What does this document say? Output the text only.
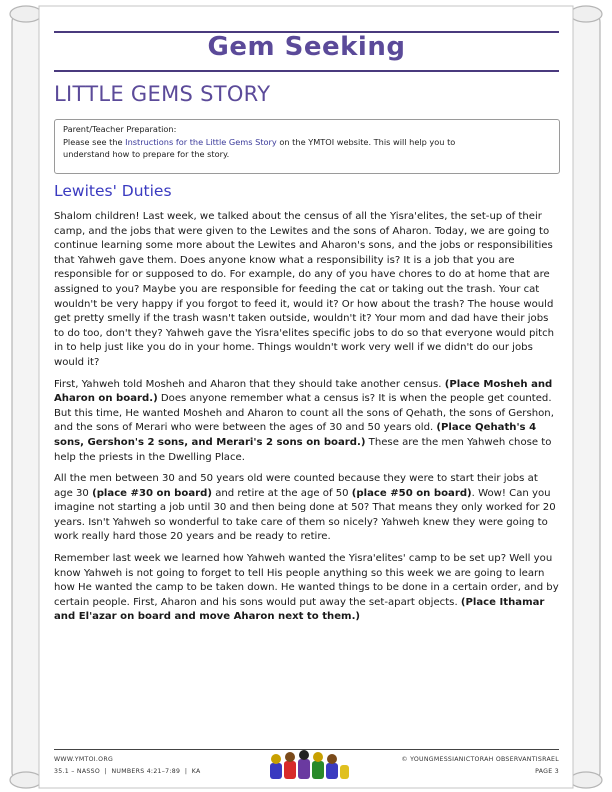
Gem Seeking
LITTLE GEMS STORY
Parent/Teacher Preparation:
Please see the Instructions for the Little Gems Story on the YMTOI website. This will help you to
understand how to prepare for the story.
Lewites' Duties

Shalom children! Last week, we talked about the census of all the Yisra'elites, the set-up of their camp, and the jobs that were given to the Lewites and the sons of Aharon. Today, we are going to continue learning some more about the Lewites and Aharon's sons, and the jobs or responsibilities that Yahweh gave them. Does anyone know what a responsibility is? It is a job that you are responsible for or supposed to do. For example, do any of you have chores to do at home that are assigned to you? Maybe you are responsible for feeding the cat or taking out the trash. Your cat wouldn't be very happy if you forgot to feed it, would it? Or how about the trash? The house would get pretty smelly if the trash wasn't taken outside, wouldn't it? Your mom and dad have their jobs to do too, don't they? Yahweh gave the Yisra'elites specific jobs to do so that everyone would pitch in to help just like you do in your home. Things wouldn't work very well if we didn't do our jobs would it?

First, Yahweh told Mosheh and Aharon that they should take another census. (Place Mosheh and Aharon on board.) Does anyone remember what a census is? It is when the people get counted. But this time, He wanted Mosheh and Aharon to count all the sons of Qehath, the sons of Gershon, and the sons of Merari who were between the ages of 30 and 50 years old. (Place Qehath's 4 sons, Gershon's 2 sons, and Merari's 2 sons on board.) These are the men Yahweh chose to help the priests in the Dwelling Place.

All the men between 30 and 50 years old were counted because they were to start their jobs at age 30 (place #30 on board) and retire at the age of 50 (place #50 on board). Wow! Can you imagine not starting a job until 30 and then being done at 50? That means they only worked for 20 years. Isn't Yahweh so wonderful to take care of them so nicely? Yahweh knew they were going to work really hard those 20 years and be ready to retire.

Remember last week we learned how Yahweh wanted the Yisra'elites' camp to be set up? Well you know Yahweh is not going to forget to tell His people anything so this week we are going to learn how He wanted the camp to be taken down. He wanted things to be done in a certain order, and by certain people. First, Aharon and his sons would put away the set-apart objects. (Place Ithamar and El'azar on board and move Aharon next to them.)

WWW.YMTOI.ORG
35.1 – NASSO  |  NUMBERS 4:21–7:89  |  KA
© YOUNGMESSIANICTORAH OBSERVANTISRAEL
PAGE 3
